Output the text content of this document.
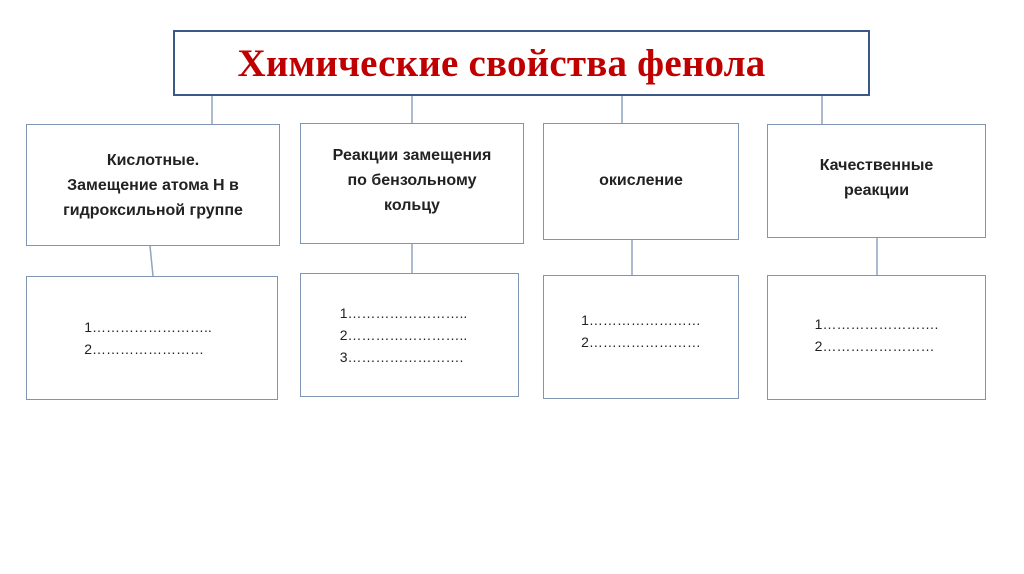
Химические свойства фенола
Кислотные.
Замещение атома Н в
гидроксильной группе
Реакции замещения
по бензольному
кольцу
окисление
Качественные
реакции
1……………………..
2……………………
1……………………..
2……………………..
3…………………….
1……………………
2……………………
1…………………….
2……………………
